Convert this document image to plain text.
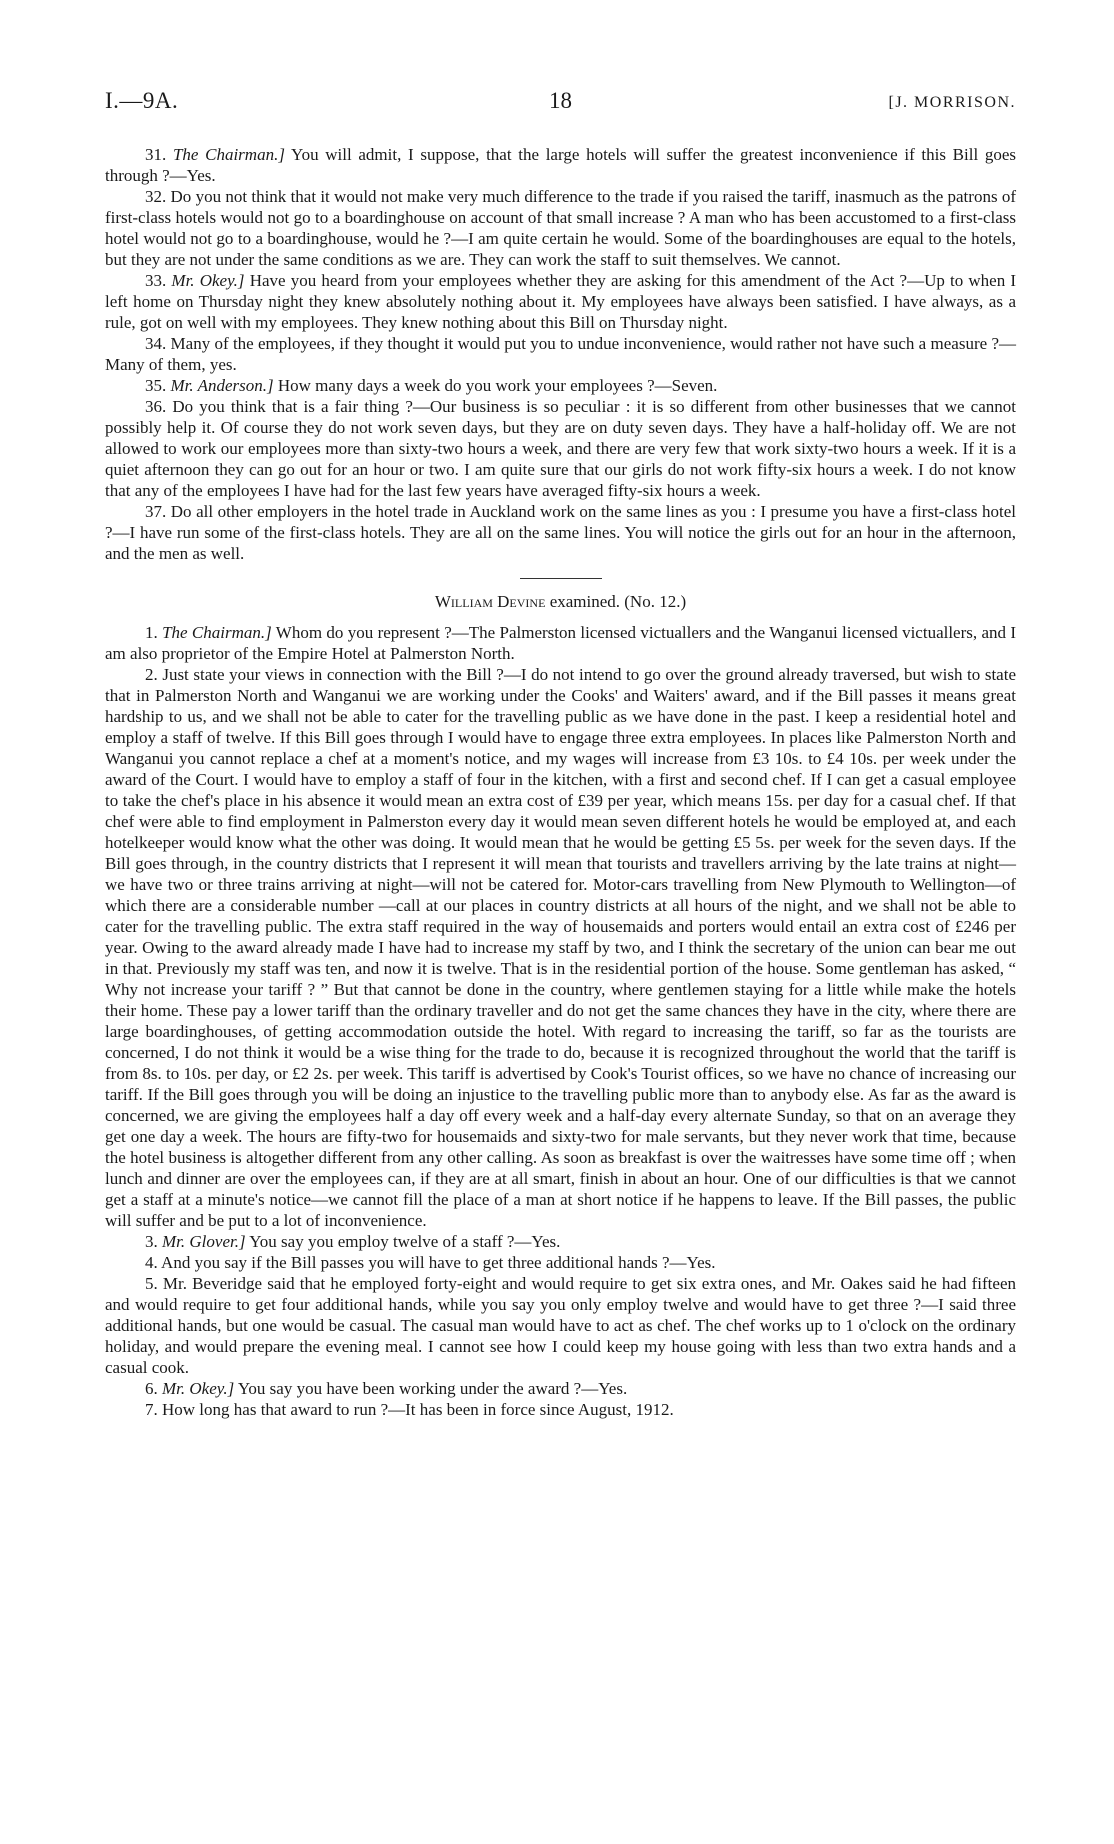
I.—9A.	18	[J. MORRISON.

31. The Chairman.] You will admit, I suppose, that the large hotels will suffer the greatest inconvenience if this Bill goes through ?—Yes.

32. Do you not think that it would not make very much difference to the trade if you raised the tariff, inasmuch as the patrons of first-class hotels would not go to a boardinghouse on account of that small increase ? A man who has been accustomed to a first-class hotel would not go to a boardinghouse, would he ?—I am quite certain he would. Some of the boardinghouses are equal to the hotels, but they are not under the same conditions as we are. They can work the staff to suit themselves. We cannot.

33. Mr. Okey.] Have you heard from your employees whether they are asking for this amendment of the Act ?—Up to when I left home on Thursday night they knew absolutely nothing about it. My employees have always been satisfied. I have always, as a rule, got on well with my employees. They knew nothing about this Bill on Thursday night.

34. Many of the employees, if they thought it would put you to undue inconvenience, would rather not have such a measure ?—Many of them, yes.

35. Mr. Anderson.] How many days a week do you work your employees ?—Seven.

36. Do you think that is a fair thing ?—Our business is so peculiar : it is so different from other businesses that we cannot possibly help it. Of course they do not work seven days, but they are on duty seven days. They have a half-holiday off. We are not allowed to work our employees more than sixty-two hours a week, and there are very few that work sixty-two hours a week. If it is a quiet afternoon they can go out for an hour or two. I am quite sure that our girls do not work fifty-six hours a week. I do not know that any of the employees I have had for the last few years have averaged fifty-six hours a week.

37. Do all other employers in the hotel trade in Auckland work on the same lines as you : I presume you have a first-class hotel ?—I have run some of the first-class hotels. They are all on the same lines. You will notice the girls out for an hour in the afternoon, and the men as well.

William Devine examined. (No. 12.)

1. The Chairman.] Whom do you represent ?—The Palmerston licensed victuallers and the Wanganui licensed victuallers, and I am also proprietor of the Empire Hotel at Palmerston North.

2. Just state your views in connection with the Bill ?—I do not intend to go over the ground already traversed, but wish to state that in Palmerston North and Wanganui we are working under the Cooks' and Waiters' award, and if the Bill passes it means great hardship to us, and we shall not be able to cater for the travelling public as we have done in the past. I keep a residential hotel and employ a staff of twelve. If this Bill goes through I would have to engage three extra employees. In places like Palmerston North and Wanganui you cannot replace a chef at a moment's notice, and my wages will increase from £3 10s. to £4 10s. per week under the award of the Court. I would have to employ a staff of four in the kitchen, with a first and second chef. If I can get a casual employee to take the chef's place in his absence it would mean an extra cost of £39 per year, which means 15s. per day for a casual chef. If that chef were able to find employment in Palmerston every day it would mean seven different hotels he would be employed at, and each hotelkeeper would know what the other was doing. It would mean that he would be getting £5 5s. per week for the seven days. If the Bill goes through, in the country districts that I represent it will mean that tourists and travellers arriving by the late trains at night—we have two or three trains arriving at night—will not be catered for. Motor-cars travelling from New Plymouth to Wellington—of which there are a considerable number —call at our places in country districts at all hours of the night, and we shall not be able to cater for the travelling public. The extra staff required in the way of housemaids and porters would entail an extra cost of £246 per year. Owing to the award already made I have had to increase my staff by two, and I think the secretary of the union can bear me out in that. Previously my staff was ten, and now it is twelve. That is in the residential portion of the house. Some gentleman has asked, “ Why not increase your tariff ? ” But that cannot be done in the country, where gentlemen staying for a little while make the hotels their home. These pay a lower tariff than the ordinary traveller and do not get the same chances they have in the city, where there are large boardinghouses, of getting accommodation outside the hotel. With regard to increasing the tariff, so far as the tourists are concerned, I do not think it would be a wise thing for the trade to do, because it is recognized throughout the world that the tariff is from 8s. to 10s. per day, or £2 2s. per week. This tariff is advertised by Cook's Tourist offices, so we have no chance of increasing our tariff. If the Bill goes through you will be doing an injustice to the travelling public more than to anybody else. As far as the award is concerned, we are giving the employees half a day off every week and a half-day every alternate Sunday, so that on an average they get one day a week. The hours are fifty-two for housemaids and sixty-two for male servants, but they never work that time, because the hotel business is altogether different from any other calling. As soon as breakfast is over the waitresses have some time off ; when lunch and dinner are over the employees can, if they are at all smart, finish in about an hour. One of our difficulties is that we cannot get a staff at a minute's notice—we cannot fill the place of a man at short notice if he happens to leave. If the Bill passes, the public will suffer and be put to a lot of inconvenience.

3. Mr. Glover.] You say you employ twelve of a staff ?—Yes.

4. And you say if the Bill passes you will have to get three additional hands ?—Yes.

5. Mr. Beveridge said that he employed forty-eight and would require to get six extra ones, and Mr. Oakes said he had fifteen and would require to get four additional hands, while you say you only employ twelve and would have to get three ?—I said three additional hands, but one would be casual. The casual man would have to act as chef. The chef works up to 1 o'clock on the ordinary holiday, and would prepare the evening meal. I cannot see how I could keep my house going with less than two extra hands and a casual cook.

6. Mr. Okey.] You say you have been working under the award ?—Yes.

7. How long has that award to run ?—It has been in force since August, 1912.
